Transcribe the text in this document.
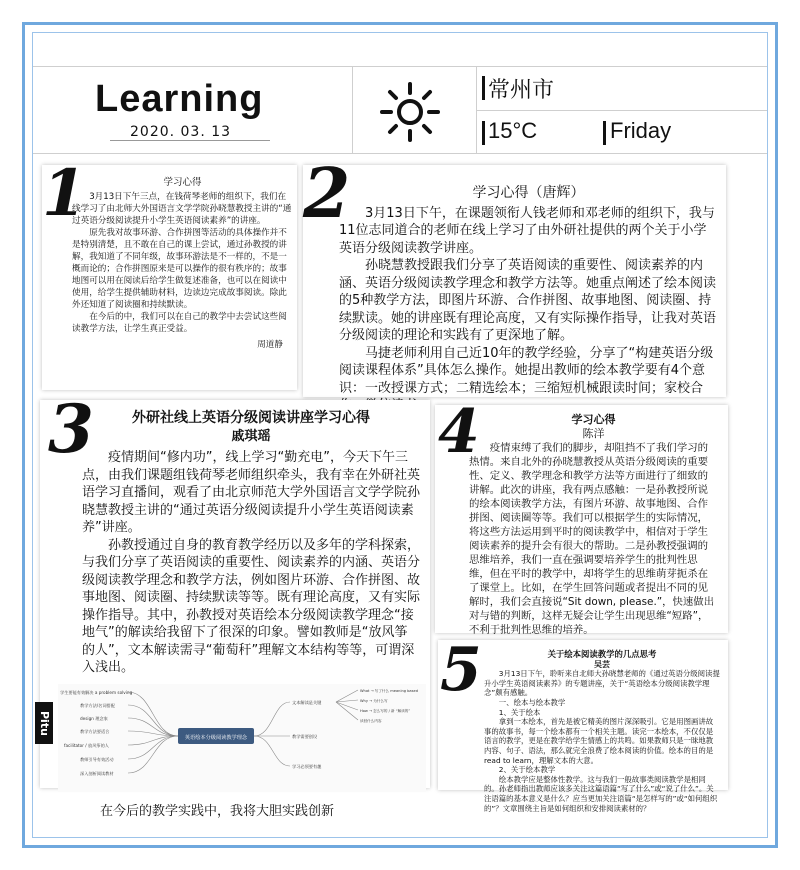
Learning
2020. 03. 13
常州市
15°C	Friday
学习心得

3月13日下午三点，在钱荷琴老师的组织下，我们在线学习了由北师大外国语言文学学院孙晓慧教授主讲的“通过英语分级阅读提升小学生英语阅读素养”的讲座。

原先我对故事环游、合作拼图等活动的具体操作并不是特别清楚，且不敢在自己的课上尝试，通过孙教授的讲解，我知道了不同年级，故事环游法是不一样的，不是一概而论的；合作拼图原来是可以操作的很有秩序的；故事地图可以用在阅读后给学生做复述准备，也可以在阅读中使用，给学生提供辅助材料，边读边完成故事阅读。除此外还知道了阅读圈和持续默读。

在今后的中，我们可以在自己的教学中去尝试这些阅读教学方法，让学生真正受益。

周道静
1	学习心得（唐辉）

3月13日下午，在课题领衔人钱老师和邓老师的组织下，我与11位志同道合的老师在线上学习了由外研社提供的两个关于小学英语分级阅读教学讲座。

孙晓慧教授跟我们分享了英语阅读的重要性、阅读素养的内涵、英语分级阅读教学理念和教学方法等。她重点阐述了绘本阅读的5种教学方法，即图片环游、合作拼图、故事地图、阅读圈、持续默读。她的讲座既有理论高度，又有实际操作指导，让我对英语分级阅读的理论和实践有了更深地了解。

马捷老师利用自己近10年的教学经验，分享了“构建英语分级阅读课程体系”具体怎么操作。她提出教师的绘本教学要有4个意识：一改授课方式；二精选绘本；三缩短机械跟读时间；家校合

2
外研社线上英语分级阅读讲座学习心得
戚琪瑶

疫情期间“修内功”，线上学习“勤充电”，今天下午三点，由我们课题组钱荷琴老师组织牵头，我有幸在外研社英语学习直播间，观看了由北京师范大学外国语言文学学院孙晓慧教授主讲的“通过英语分级阅读提升小学生英语阅读素养”讲座。

孙教授通过自身的教育教学经历以及多年的学科探索，与我们分享了英语阅读的重要性、阅读素养的内涵、英语分级阅读教学理念和教学方法，例如图片环游、合作拼图、故事地图、阅读圈、持续默读等等。既有理论高度，又有实际操作指导。其中，孙教授对英语绘本分级阅读教学理念“接地气”的解读给我留下了很深的印象。譬如教师是“放风筝的人”，文本解读需寻“葡萄秆”理解文本结构等等，可谓深入浅出。

3
英语绘本分级阅读教学理念
学生要能有效解决 a problem solving
教学方法/名词搭配
design 理念家
教学方法要适合
facilitator / 放风筝的人
教师引导有效活动
深入剖析阅读教材
文本解读是关键
教学需要创设
学习必须要有趣
What → 写了什么 meaning based
Why → 为什么写
How → 怎么写的 / 新 “解读的”
读回什么内容
在今后的教学实践中，我将大胆实践创新
Pitu
学习心得
陈洋

疫情束缚了我们的脚步，却阻挡不了我们学习的热情。来自北外的孙晓慧教授从英语分级阅读的重要性、定义、教学理念和教学方法等方面进行了细致的讲解。此次的讲座，我有两点感触：一是孙教授所说的绘本阅读教学方法，有图片环游、故事地图、合作拼图、阅读圈等等。我们可以根据学生的实际情况，将这些方法运用到平时的阅读教学中，相信对于学生阅读素养的提升会有很大的帮助。二是孙教授强调的思维培养，我们一直在强调要培养学生的批判性思维，但在平时的教学中，却将学生的思维萌芽扼杀在了课堂上。比如，在学生回答问题或者提出不同的见解时，我们会直接说“Sit down, please.”，快速做出对与错的判断，这样无疑会让学生出现思维“短路”，不利于批判性思维的培养。

4
关于绘本阅读教学的几点思考
吴芸

3月13日下午，聆听来自北师大孙晓慧老师的《通过英语分级阅读提升小学生英语阅读素养》的专题讲座，关于“英语绘本分级阅读教学理念”颇有感触。

一、绘本与绘本教学

1、关于绘本

拿到一本绘本，首先是被它精美的图片深深吸引。它是用图画讲故事的故事书，每一个绘本都有一个相关主题。读完一本绘本，不仅仅是语言的教学，更是在教学给学生情感上的共鸣。如果教师只是一昧地教内容、句子、语法，那么就完全浪费了绘本阅读的价值。绘本的目的是read to learn，理解文本的大意。

2、关于绘本教学

绘本教学应是整体性教学。这与我们一般故事类阅读教学是相同的。孙老师指出教师应该多关注这篇语篇“写了什么”或“说了什么”。关注语篇的基本意义是什么？应当更加关注语篇“是怎样写的”或“如何组织的”？文章围绕主旨是如何组织和安排阅读素材的？

5
